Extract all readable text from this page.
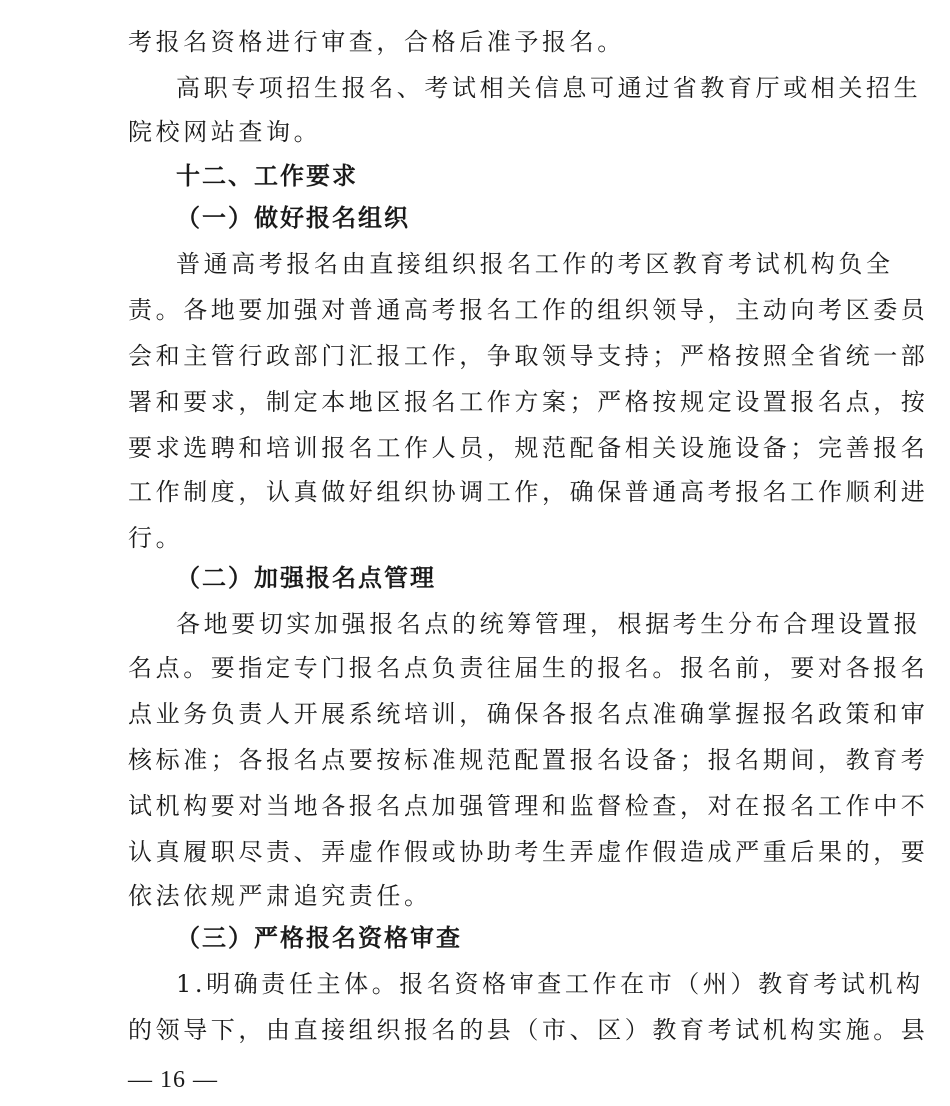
考报名资格进行审查，合格后准予报名。
高职专项招生报名、考试相关信息可通过省教育厅或相关招生
院校网站查询。
十二、工作要求
（一）做好报名组织
普通高考报名由直接组织报名工作的考区教育考试机构负全
责。各地要加强对普通高考报名工作的组织领导，主动向考区委员
会和主管行政部门汇报工作，争取领导支持；严格按照全省统一部
署和要求，制定本地区报名工作方案；严格按规定设置报名点，按
要求选聘和培训报名工作人员，规范配备相关设施设备；完善报名
工作制度，认真做好组织协调工作，确保普通高考报名工作顺利进
行。
（二）加强报名点管理
各地要切实加强报名点的统筹管理，根据考生分布合理设置报
名点。要指定专门报名点负责往届生的报名。报名前，要对各报名
点业务负责人开展系统培训，确保各报名点准确掌握报名政策和审
核标准；各报名点要按标准规范配置报名设备；报名期间，教育考
试机构要对当地各报名点加强管理和监督检查，对在报名工作中不
认真履职尽责、弄虚作假或协助考生弄虚作假造成严重后果的，要
依法依规严肃追究责任。
（三）严格报名资格审查
1.明确责任主体。报名资格审查工作在市（州）教育考试机构
的领导下，由直接组织报名的县（市、区）教育考试机构实施。县
— 16 —
